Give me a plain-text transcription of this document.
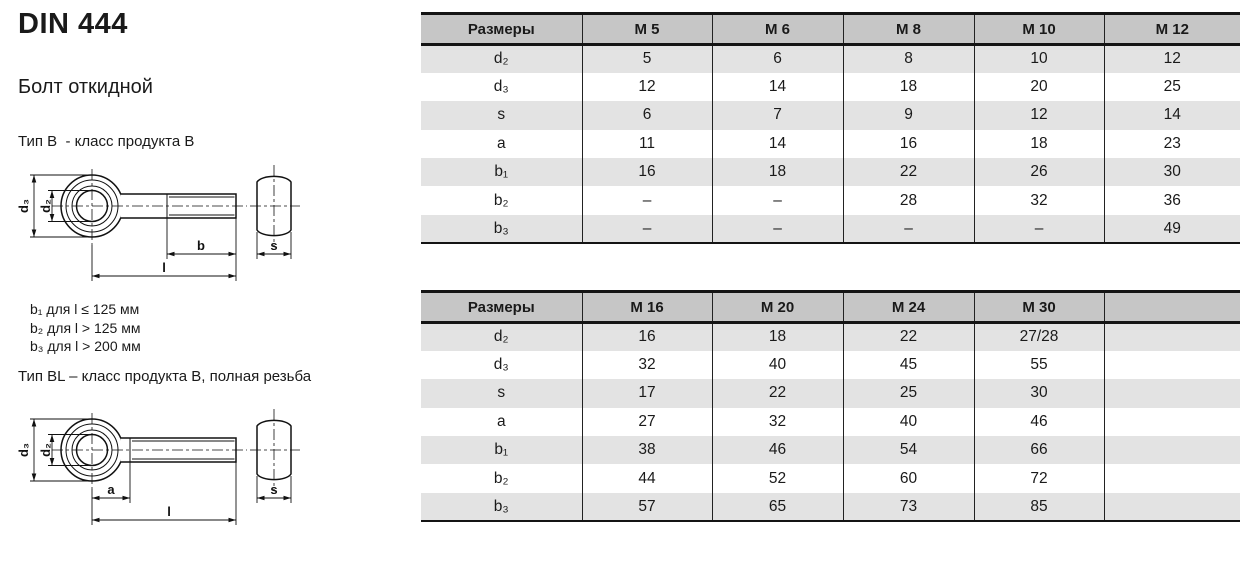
DIN 444
Болт откидной
Тип B  - класс продукта B
d₃ d₂
b
l
s
b₁ для l ≤ 125 мм
b₂ для l > 125 мм
b₃ для l > 200 мм
Тип BL – класс продукта B, полная резьба
d₃ d₂
a
l
s
Размеры	M 5	M 6	M 8	M 10	M 12
d₂	5	6	8	10	12
d₃	12	14	18	20	25
s	6	7	9	12	14
a	11	14	16	18	23
b₁	16	18	22	26	30
b₂	–	–	28	32	36
b₃	–	–	–	–	49
Размеры	M 16	M 20	M 24	M 30	
d₂	16	18	22	27/28	
d₃	32	40	45	55	
s	17	22	25	30	
a	27	32	40	46	
b₁	38	46	54	66	
b₂	44	52	60	72	
b₃	57	65	73	85	
